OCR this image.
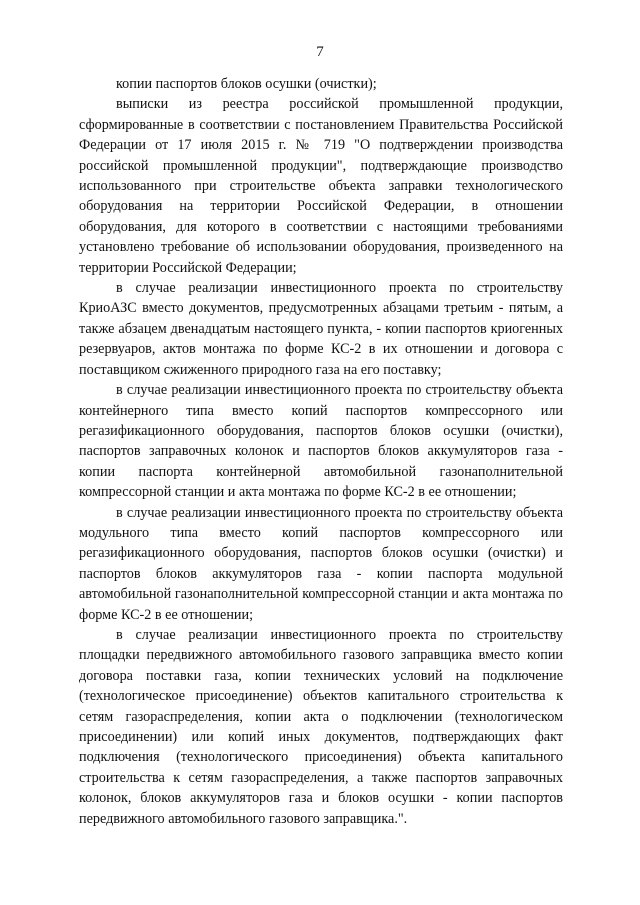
7

копии паспортов блоков осушки (очистки);

выписки из реестра российской промышленной продукции, сформированные в соответствии с постановлением Правительства Российской Федерации от 17 июля 2015 г. № 719 "О подтверждении производства российской промышленной продукции", подтверждающие производство использованного при строительстве объекта заправки технологического оборудования на территории Российской Федерации, в отношении оборудования, для которого в соответствии с настоящими требованиями установлено требование об использовании оборудования, произведенного на территории Российской Федерации;

в случае реализации инвестиционного проекта по строительству КриоАЗС вместо документов, предусмотренных абзацами третьим - пятым, а также абзацем двенадцатым настоящего пункта, - копии паспортов криогенных резервуаров, актов монтажа по форме КС-2 в их отношении и договора с поставщиком сжиженного природного газа на его поставку;

в случае реализации инвестиционного проекта по строительству объекта контейнерного типа вместо копий паспортов компрессорного или регазификационного оборудования, паспортов блоков осушки (очистки), паспортов заправочных колонок и паспортов блоков аккумуляторов газа - копии паспорта контейнерной автомобильной газонаполнительной компрессорной станции и акта монтажа по форме КС-2 в ее отношении;

в случае реализации инвестиционного проекта по строительству объекта модульного типа вместо копий паспортов компрессорного или регазификационного оборудования, паспортов блоков осушки (очистки) и паспортов блоков аккумуляторов газа - копии паспорта модульной автомобильной газонаполнительной компрессорной станции и акта монтажа по форме КС-2 в ее отношении;

в случае реализации инвестиционного проекта по строительству площадки передвижного автомобильного газового заправщика вместо копии договора поставки газа, копии технических условий на подключение (технологическое присоединение) объектов капитального строительства к сетям газораспределения, копии акта о подключении (технологическом присоединении) или копий иных документов, подтверждающих факт подключения (технологического присоединения) объекта капитального строительства к сетям газораспределения, а также паспортов заправочных колонок, блоков аккумуляторов газа и блоков осушки - копии паспортов передвижного автомобильного газового заправщика.".
